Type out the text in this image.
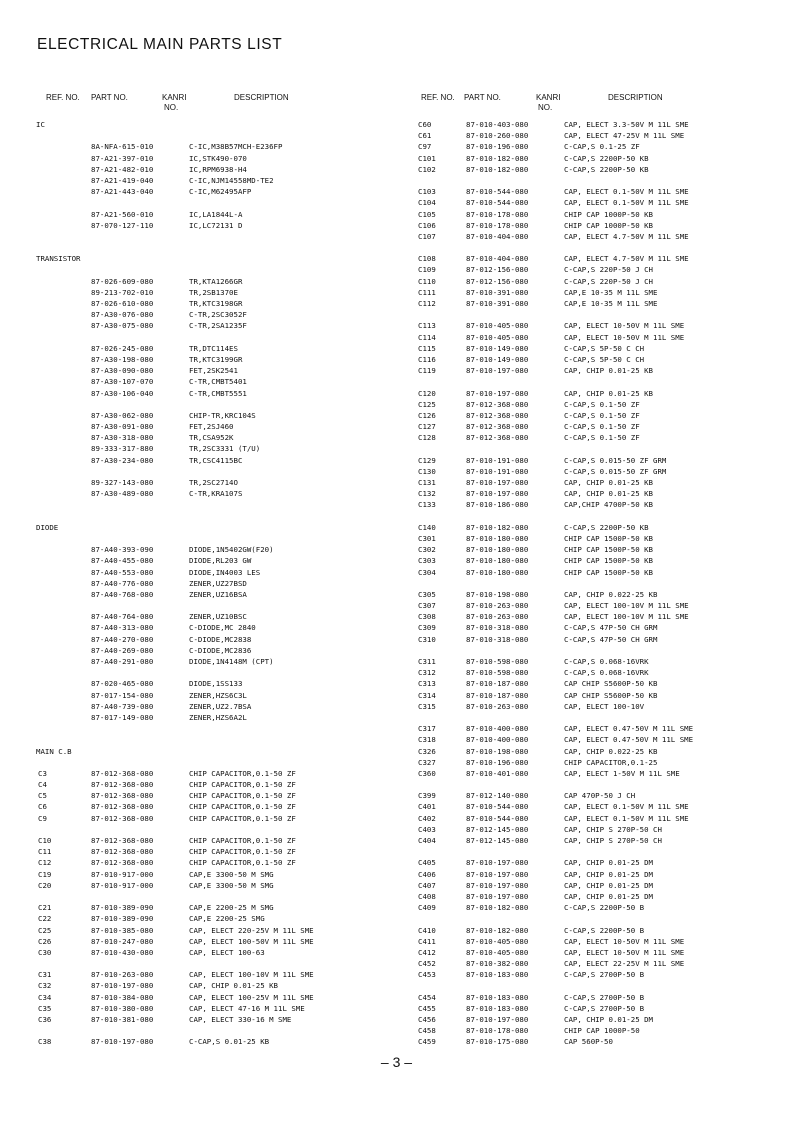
ELECTRICAL MAIN PARTS LIST
REF. NO. PART NO.	KANRI
NO.
DESCRIPTION
IC
8A-NFA-615-010	C-IC,M38B57MCH-E236FP
87-A21-397-010	IC,STK490-070
87-A21-482-010	IC,RPM6938-H4
87-A21-419-040	C-IC,NJM14558MD-TE2
87-A21-443-040	C-IC,M62495AFP
87-A21-560-010	IC,LA1844L-A
87-070-127-110	IC,LC72131 D
TRANSISTOR
87-026-609-080	TR,KTA1266GR
89-213-702-010	TR,2SB1370E
87-026-610-080	TR,KTC3198GR
87-A30-076-080	C-TR,2SC3052F
87-A30-075-080	C-TR,2SA1235F
87-026-245-080	TR,DTC114ES
87-A30-198-080	TR,KTC3199GR
87-A30-090-080	FET,2SK2541
87-A30-107-070	C-TR,CMBT5401
87-A30-106-040	C-TR,CMBT5551
87-A30-062-080	CHIP-TR,KRC104S
87-A30-091-080	FET,2SJ460
87-A30-318-080	TR,CSA952K
89-333-317-880	TR,2SC3331 (T/U)
87-A30-234-080	TR,CSC4115BC
89-327-143-080	TR,2SC2714O
87-A30-489-080	C-TR,KRA107S
DIODE
87-A40-393-090	DIODE,1N5402GW(F20)
87-A40-455-080	DIODE,RL203 GW
87-A40-553-080	DIODE,IN4003 LES
87-A40-776-080	ZENER,UZ27BSD
87-A40-768-080	ZENER,UZ16BSA
87-A40-764-080	ZENER,UZ10BSC
87-A40-313-080	C-DIODE,MC 2840
87-A40-270-080	C-DIODE,MC2838
87-A40-269-080	C-DIODE,MC2836
87-A40-291-080	DIODE,1N4148M (CPT)
87-020-465-080	DIODE,1SS133
87-017-154-080	ZENER,HZS6C3L
87-A40-739-080	ZENER,UZ2.7BSA
87-017-149-080	ZENER,HZS6A2L
MAIN C.B
C3	87-012-368-080	CHIP CAPACITOR,0.1-50 ZF
C4	87-012-368-080	CHIP CAPACITOR,0.1-50 ZF
C5	87-012-368-080	CHIP CAPACITOR,0.1-50 ZF
C6	87-012-368-080	CHIP CAPACITOR,0.1-50 ZF
C9	87-012-368-080	CHIP CAPACITOR,0.1-50 ZF
C10	87-012-368-080	CHIP CAPACITOR,0.1-50 ZF
C11	87-012-368-080	CHIP CAPACITOR,0.1-50 ZF
C12	87-012-368-080	CHIP CAPACITOR,0.1-50 ZF
C19	87-010-917-000	CAP,E 3300-50 M SMG
C20	87-010-917-000	CAP,E 3300-50 M SMG
C21	87-010-389-090	CAP,E 2200-25 M SMG
C22	87-010-389-090	CAP,E 2200-25 SMG
C25	87-010-385-080	CAP, ELECT 220-25V M 11L SME
C26	87-010-247-080	CAP, ELECT 100-50V M 11L SME
C30	87-010-430-080	CAP, ELECT 100-63
C31	87-010-263-080	CAP, ELECT 100-10V M 11L SME
C32	87-010-197-080	CAP, CHIP 0.01-25 KB
C34	87-010-384-080	CAP, ELECT 100-25V M 11L SME
C35	87-010-380-080	CAP, ELECT 47-16 M 11L SME
C36	87-010-381-080	CAP, ELECT 330-16 M SME
C38	87-010-197-080	C-CAP,S 0.01-25 KB
REF. NO. PART NO.	KANRI
NO.
DESCRIPTION
C60	87-010-403-080	CAP, ELECT 3.3-50V M 11L SME
C61	87-010-260-080	CAP, ELECT 47-25V M 11L SME
C97	87-010-196-080	C-CAP,S 0.1-25 ZF
C101	87-010-182-080	C-CAP,S 2200P-50 KB
C102	87-010-182-080	C-CAP,S 2200P-50 KB
C103	87-010-544-080	CAP, ELECT 0.1-50V M 11L SME
C104	87-010-544-080	CAP, ELECT 0.1-50V M 11L SME
C105	87-010-178-080	CHIP CAP 1000P-50 KB
C106	87-010-178-080	CHIP CAP 1000P-50 KB
C107	87-010-404-080	CAP, ELECT 4.7-50V M 11L SME
C108	87-010-404-080	CAP, ELECT 4.7-50V M 11L SME
C109	87-012-156-080	C-CAP,S 220P-50 J CH
C110	87-012-156-080	C-CAP,S 220P-50 J CH
C111	87-010-391-080	CAP,E 10-35 M 11L SME
C112	87-010-391-080	CAP,E 10-35 M 11L SME
C113	87-010-405-080	CAP, ELECT 10-50V M 11L SME
C114	87-010-405-080	CAP, ELECT 10-50V M 11L SME
C115	87-010-149-080	C-CAP,S 5P-50 C CH
C116	87-010-149-080	C-CAP,S 5P-50 C CH
C119	87-010-197-080	CAP, CHIP 0.01-25 KB
C120	87-010-197-080	CAP, CHIP 0.01-25 KB
C125	87-012-368-080	C-CAP,S 0.1-50 ZF
C126	87-012-368-080	C-CAP,S 0.1-50 ZF
C127	87-012-368-080	C-CAP,S 0.1-50 ZF
C128	87-012-368-080	C-CAP,S 0.1-50 ZF
C129	87-010-191-080	C-CAP,S 0.015-50 ZF GRM
C130	87-010-191-080	C-CAP,S 0.015-50 ZF GRM
C131	87-010-197-080	CAP, CHIP 0.01-25 KB
C132	87-010-197-080	CAP, CHIP 0.01-25 KB
C133	87-010-186-080	CAP,CHIP 4700P-50 KB
C140	87-010-182-080	C-CAP,S 2200P-50 KB
C301	87-010-180-080	CHIP CAP 1500P-50 KB
C302	87-010-180-080	CHIP CAP 1500P-50 KB
C303	87-010-180-080	CHIP CAP 1500P-50 KB
C304	87-010-180-080	CHIP CAP 1500P-50 KB
C305	87-010-198-080	CAP, CHIP 0.022-25 KB
C307	87-010-263-080	CAP, ELECT 100-10V M 11L SME
C308	87-010-263-080	CAP, ELECT 100-10V M 11L SME
C309	87-010-318-080	C-CAP,S 47P-50 CH GRM
C310	87-010-318-080	C-CAP,S 47P-50 CH GRM
C311	87-010-598-080	C-CAP,S 0.068-16VRK
C312	87-010-598-080	C-CAP,S 0.068-16VRK
C313	87-010-187-080	CAP CHIP S5600P-50 KB
C314	87-010-187-080	CAP CHIP S5600P-50 KB
C315	87-010-263-080	CAP, ELECT 100-10V
C317	87-010-400-080	CAP, ELECT 0.47-50V M 11L SME
C318	87-010-400-080	CAP, ELECT 0.47-50V M 11L SME
C326	87-010-198-080	CAP, CHIP 0.022-25 KB
C327	87-010-196-080	CHIP CAPACITOR,0.1-25
C360	87-010-401-080	CAP, ELECT 1-50V M 11L SME
C399	87-012-140-080	CAP 470P-50 J CH
C401	87-010-544-080	CAP, ELECT 0.1-50V M 11L SME
C402	87-010-544-080	CAP, ELECT 0.1-50V M 11L SME
C403	87-012-145-080	CAP, CHIP S 270P-50 CH
C404	87-012-145-080	CAP, CHIP S 270P-50 CH
C405	87-010-197-080	CAP, CHIP 0.01-25 DM
C406	87-010-197-080	CAP, CHIP 0.01-25 DM
C407	87-010-197-080	CAP, CHIP 0.01-25 DM
C408	87-010-197-080	CAP, CHIP 0.01-25 DM
C409	87-010-182-080	C-CAP,S 2200P-50 B
C410	87-010-182-080	C-CAP,S 2200P-50 B
C411	87-010-405-080	CAP, ELECT 10-50V M 11L SME
C412	87-010-405-080	CAP, ELECT 10-50V M 11L SME
C452	87-010-382-080	CAP, ELECT 22-25V M 11L SME
C453	87-010-183-080	C-CAP,S 2700P-50 B
C454	87-010-183-080	C-CAP,S 2700P-50 B
C455	87-010-183-080	C-CAP,S 2700P-50 B
C456	87-010-197-080	CAP, CHIP 0.01-25 DM
C458	87-010-178-080	CHIP CAP 1000P-50
C459	87-010-175-080	CAP 560P-50
– 3 –
